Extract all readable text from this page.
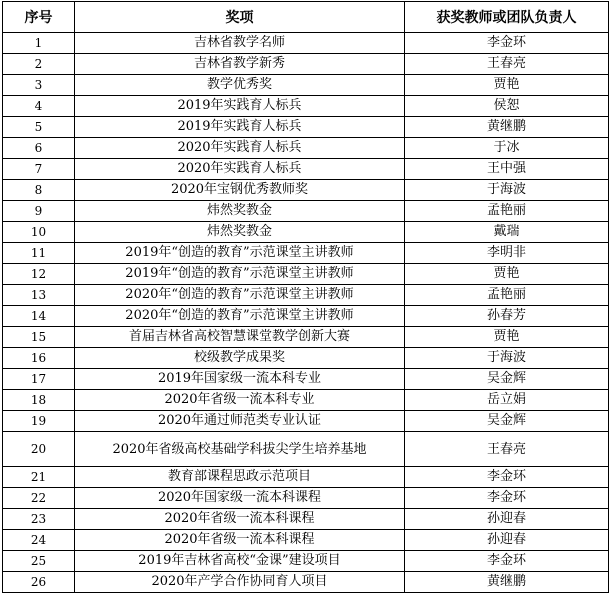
序号	奖项	获奖教师或团队负责人
1	吉林省教学名师	李金环
2	吉林省教学新秀	王春亮
3	教学优秀奖	贾艳
4	2019年实践育人标兵	侯恕
5	2019年实践育人标兵	黄继鹏
6	2020年实践育人标兵	于冰
7	2020年实践育人标兵	王中强
8	2020年宝钢优秀教师奖	于海波
9	炜然奖教金	孟艳丽
10	炜然奖教金	戴瑞
11	2019年“创造的教育”示范课堂主讲教师	李明非
12	2019年“创造的教育”示范课堂主讲教师	贾艳
13	2020年“创造的教育”示范课堂主讲教师	孟艳丽
14	2020年“创造的教育”示范课堂主讲教师	孙春芳
15	首届吉林省高校智慧课堂教学创新大赛	贾艳
16	校级教学成果奖	于海波
17	2019年国家级一流本科专业	吴金辉
18	2020年省级一流本科专业	岳立娟
19	2020年通过师范类专业认证	吴金辉
20	2020年省级高校基础学科拔尖学生培养基地	王春亮
21	教育部课程思政示范项目	李金环
22	2020年国家级一流本科课程	李金环
23	2020年省级一流本科课程	孙迎春
24	2020年省级一流本科课程	孙迎春
25	2019年吉林省高校“金课”建设项目	李金环
26	2020年产学合作协同育人项目	黄继鹏
